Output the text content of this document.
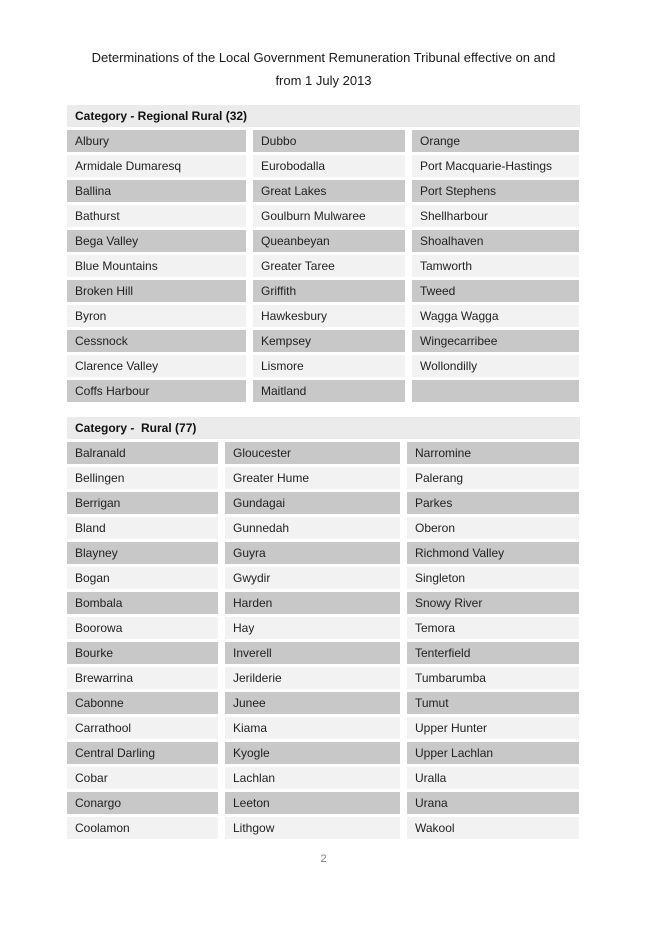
Determinations of the Local Government Remuneration Tribunal effective on and
from 1 July 2013
Category - Regional Rural (32)
Albury	Dubbo	Orange
Armidale Dumaresq	Eurobodalla	Port Macquarie-Hastings
Ballina	Great Lakes	Port Stephens
Bathurst	Goulburn Mulwaree	Shellharbour
Bega Valley	Queanbeyan	Shoalhaven
Blue Mountains	Greater Taree	Tamworth
Broken Hill	Griffith	Tweed
Byron	Hawkesbury	Wagga Wagga
Cessnock	Kempsey	Wingecarribee
Clarence Valley	Lismore	Wollondilly
Coffs Harbour	Maitland
Category -  Rural (77)
Balranald	Gloucester	Narromine
Bellingen	Greater Hume	Palerang
Berrigan	Gundagai	Parkes
Bland	Gunnedah	Oberon
Blayney	Guyra	Richmond Valley
Bogan	Gwydir	Singleton
Bombala	Harden	Snowy River
Boorowa	Hay	Temora
Bourke	Inverell	Tenterfield
Brewarrina	Jerilderie	Tumbarumba
Cabonne	Junee	Tumut
Carrathool	Kiama	Upper Hunter
Central Darling	Kyogle	Upper Lachlan
Cobar	Lachlan	Uralla
Conargo	Leeton	Urana
Coolamon	Lithgow	Wakool
2
